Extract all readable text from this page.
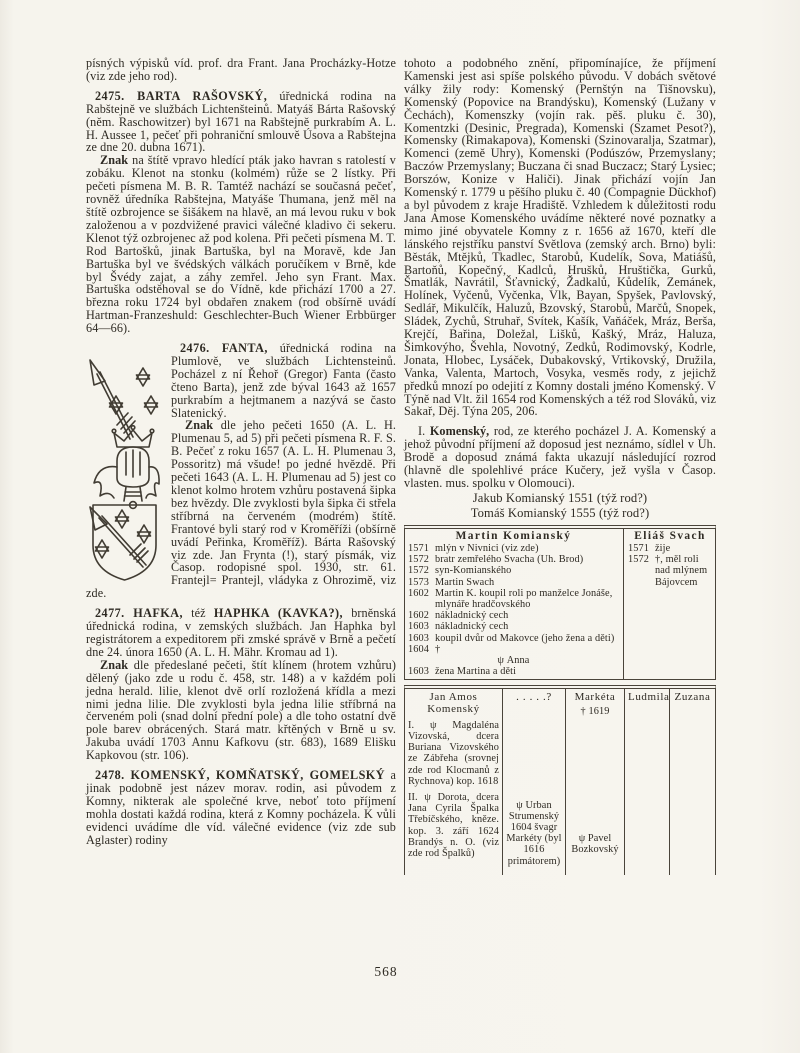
písných výpisků víd. prof. dra Frant. Jana Procházky-Hotze (viz zde jeho rod).

2475. BARTA RAŠOVSKÝ, úřednická rodina na Rabštejně ve službách Lichtenšteinů. Matyáš Bárta Rašovský (něm. Raschowitzer) byl 1671 na Rabštejně purkrabím A. L. H. Aussee 1, pečeť při pohraniční smlouvě Úsova a Rabštejna ze dne 20. dubna 1671).

Znak na štítě vpravo hledící pták jako havran s ratolestí v zobáku. Klenot na stonku (kolmém) růže se 2 lístky. Při pečeti písmena M. B. R. Tamtéž nachází se současná pečeť, rovněž úředníka Rabštejna, Matyáše Thumana, jenž měl na štítě ozbrojence se šišákem na hlavě, an má levou ruku v bok založenou a v pozdvižené pravici válečné kladivo či sekeru. Klenot týž ozbrojenec až pod kolena. Při pečeti písmena M. T. Rod Bartošků, jinak Bartuška, byl na Moravě, kde Jan Bartuška byl ve švédských válkách poručíkem v Brně, kde byl Švédy zajat, a záhy zemřel. Jeho syn Frant. Max. Bartuška odstěhoval se do Vídně, kde přichází 1700 a 27. března roku 1724 byl obdařen znakem (rod obšírně uvádí Hartman-Franzeshuld: Geschlechter-Buch Wiener Erbbürger 64—66).

2476. FANTA, úřednická rodina na Plumlově, ve službách Lichtensteinů. Pocházel z ní Řehoř (Gregor) Fanta (často čteno Barta), jenž zde býval 1643 až 1657 purkrabím a hejtmanem a nazývá se často Slatenický.

Znak dle jeho pečeti 1650 (A. L. H. Plumenau 5, ad 5) při pečeti písmena R. F. S. B. Pečeť z roku 1657 (A. L. H. Plumenau 3, Possoritz) má všude! po jedné hvězdě. Při pečeti 1643 (A. L. H. Plumenau ad 5) jest co klenot kolmo hrotem vzhůru postavená šipka bez hvězdy. Dle zvyklosti byla šipka či střela stříbrná na červeném (modrém) štítě. Frantové byli starý rod v Kroměříži (obšírně uvádí Peřinka, Kroměříž). Bárta Rašovský viz zde. Jan Frynta (!), starý písmák, viz Časop. rodopisné spol. 1930, str. 61. Frantejl= Prantejl, vládyka z Ohrozimě, viz zde.

2477. HAFKA, též HAPHKA (KAVKA?), brněnská úřednická rodina, v zemských službách. Jan Haphka byl registrátorem a expeditorem při zmské správě v Brně a pečetí dne 24. února 1650 (A. L. H. Mähr. Kromau ad 1).

Znak dle předeslané pečeti, štít klínem (hrotem vzhůru) dělený (jako zde u rodu č. 458, str. 148) a v každém poli jedna herald. lilie, klenot dvě orlí rozložená křídla a mezi nimi jedna lilie. Dle zvyklosti byla jedna lilie stříbrná na červeném poli (snad dolní přední pole) a dle toho ostatní dvě pole barev obrácených. Stará matr. křtěných v Brně u sv. Jakuba uvádí 1703 Annu Kafkovu (str. 683), 1689 Elišku Kapkovou (str. 106).

2478. KOMENSKÝ, KOMŇATSKÝ, GOMELSKÝ a jinak podobně jest název morav. rodin, asi původem z Komny, nikterak ale společné krve, neboť toto příjmení mohla dostati každá rodina, která z Komny pocházela. K vůli evidenci uvádíme dle víd. válečné evidence (viz zde sub Aglaster) rodiny

tohoto a podobného znění, připomínajíce, že příjmení Kamenski jest asi spíše polského původu. V dobách světové války žily rody: Komenský (Pernštýn na Tišnovsku), Komenský (Popovice na Brandýsku), Komenský (Lužany v Čechách), Komenszky (vojín rak. pěš. pluku č. 30), Komentzki (Desinic, Pregrada), Komenski (Szamet Pesot?), Komensky (Rimakapova), Komenski (Szinovaralja, Szatmar), Komenci (země Uhry), Komenski (Podúszów, Przemyslany; Baczów Przemyslany; Buczana či snad Buczacz; Starý Lysiec; Borszów, Konize v Haliči). Jinak přichází vojín Jan Komenský r. 1779 u pěšího pluku č. 40 (Compagnie Dückhof) a byl původem z kraje Hradiště. Vzhledem k důležitosti rodu Jana Amose Komenského uvádíme některé nové poznatky a mimo jiné obyvatele Komny z r. 1656 až 1670, kteří dle lánského rejstříku panství Světlova (zemský arch. Brno) byli: Běsták, Mtějků, Tkadlec, Starobů, Kudelík, Sova, Matiášů, Bartoňů, Kopečný, Kadlců, Hrušků, Hruštička, Gurků, Šmatlák, Navrátil, Šťavnický, Žadkalů, Kůdelík, Zemánek, Holínek, Vyčenů, Vyčenka, Vlk, Bayan, Spyšek, Pavlovský, Sedlář, Mikulčík, Haluzů, Bzovský, Starobů, Marčů, Snopek, Sládek, Zychů, Struhař, Svítek, Kašík, Vaňáček, Mráz, Berša, Krejčí, Bařina, Doležal, Lišků, Kašký, Mráz, Haluza, Šimkovýho, Švehla, Novotný, Zedků, Rodimovský, Kodrle, Jonata, Hlobec, Lysáček, Dubakovský, Vrtikovský, Družila, Vanka, Valenta, Martoch, Vosyka, vesměs rody, z jejichž předků mnozí po odejití z Komny dostali jméno Komenský. V Týně nad Vlt. žil 1654 rod Komenských a též rod Slováků, viz Sakař, Děj. Týna 205, 206.

I. Komenský, rod, ze kterého pocházel J. A. Komenský a jehož původní příjmení až doposud jest neznámo, sídlel v Uh. Brodě a doposud známá fakta ukazují následující rozrod (hlavně dle spolehlivé práce Kučery, jež vyšla v Časop. vlasten. mus. spolku v Olomouci).

Jakub Komianský 1551 (týž rod?)
Tomáš Komianský 1555 (týž rod?)
Martin Komianský
1571 mlýn v Nivnici (viz zde)
1572 bratr zemřelého Svacha (Uh. Brod)
1572 syn-Komianského
1573 Martin Swach
1602 Martin K. koupil roli po manželce Jonáše, mlynáře hradčovského
1602 nákladnický cech
1603 nákladnický cech
1603 koupil dvůr od Makovce (jeho žena a děti)
1604 †
ψ Anna
1603 žena Martina a děti
Eliáš Svach
1571 žije
1572 †, měl roli nad mlýnem Bájovcem
Jan Amos Komenský
I. ψ Magdaléna Vizovská, dcera Buriana Vizovského ze Zábřeha (srovnej zde rod Klocmanů z Rychnova) kop. 1618
II. ψ Dorota, dcera Jana Cyrila Špalka Třebíčského, kněze. kop. 3. září 1624 Brandýs n. O. (viz zde rod Špalků)
. . . . .?
ψ Urban Strumenský 1604 švagr Markéty (byl 1616 primátorem)
Markéta
† 1619
ψ Pavel Bozkovský
Ludmila Zuzana
568
